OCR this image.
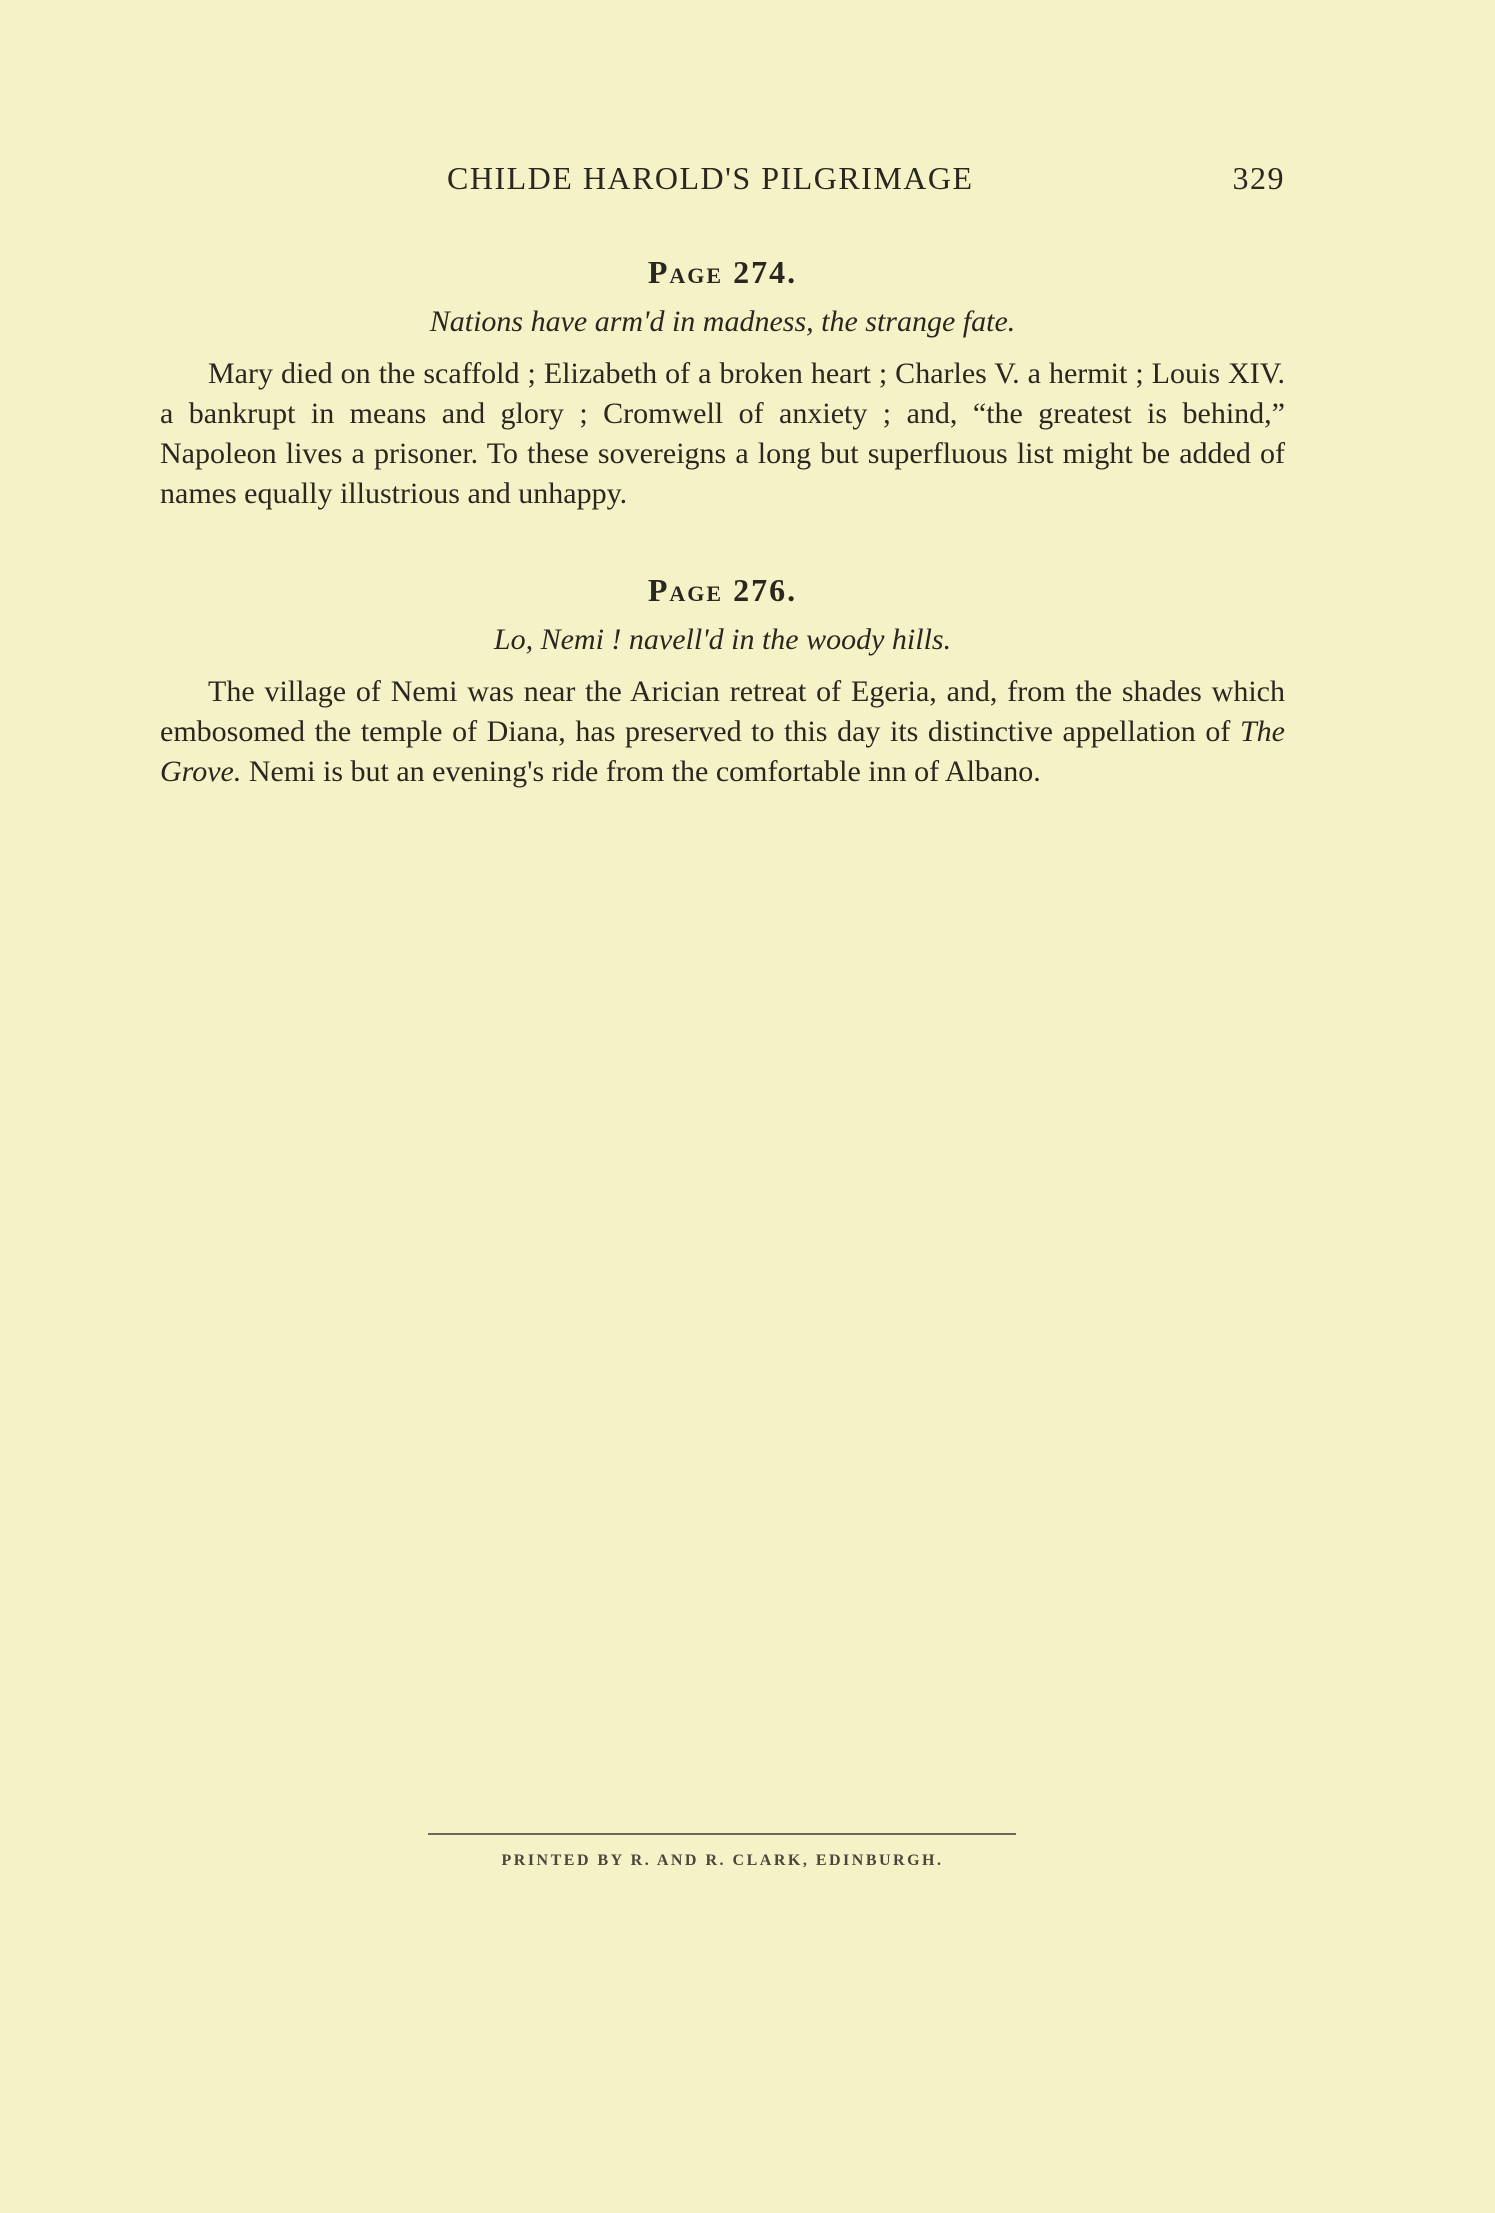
CHILDE HAROLD'S PILGRIMAGE	329
Page 274.

Nations have arm'd in madness, the strange fate.

Mary died on the scaffold ; Elizabeth of a broken heart ; Charles V. a hermit ; Louis XIV. a bankrupt in means and glory ; Cromwell of anxiety ; and, “the greatest is behind,” Napoleon lives a prisoner. To these sovereigns a long but superfluous list might be added of names equally illustrious and unhappy.

Page 276.

Lo, Nemi ! navell'd in the woody hills.

The village of Nemi was near the Arician retreat of Egeria, and, from the shades which embosomed the temple of Diana, has preserved to this day its distinctive appellation of The Grove. Nemi is but an evening's ride from the comfortable inn of Albano.

PRINTED BY R. AND R. CLARK, EDINBURGH.
